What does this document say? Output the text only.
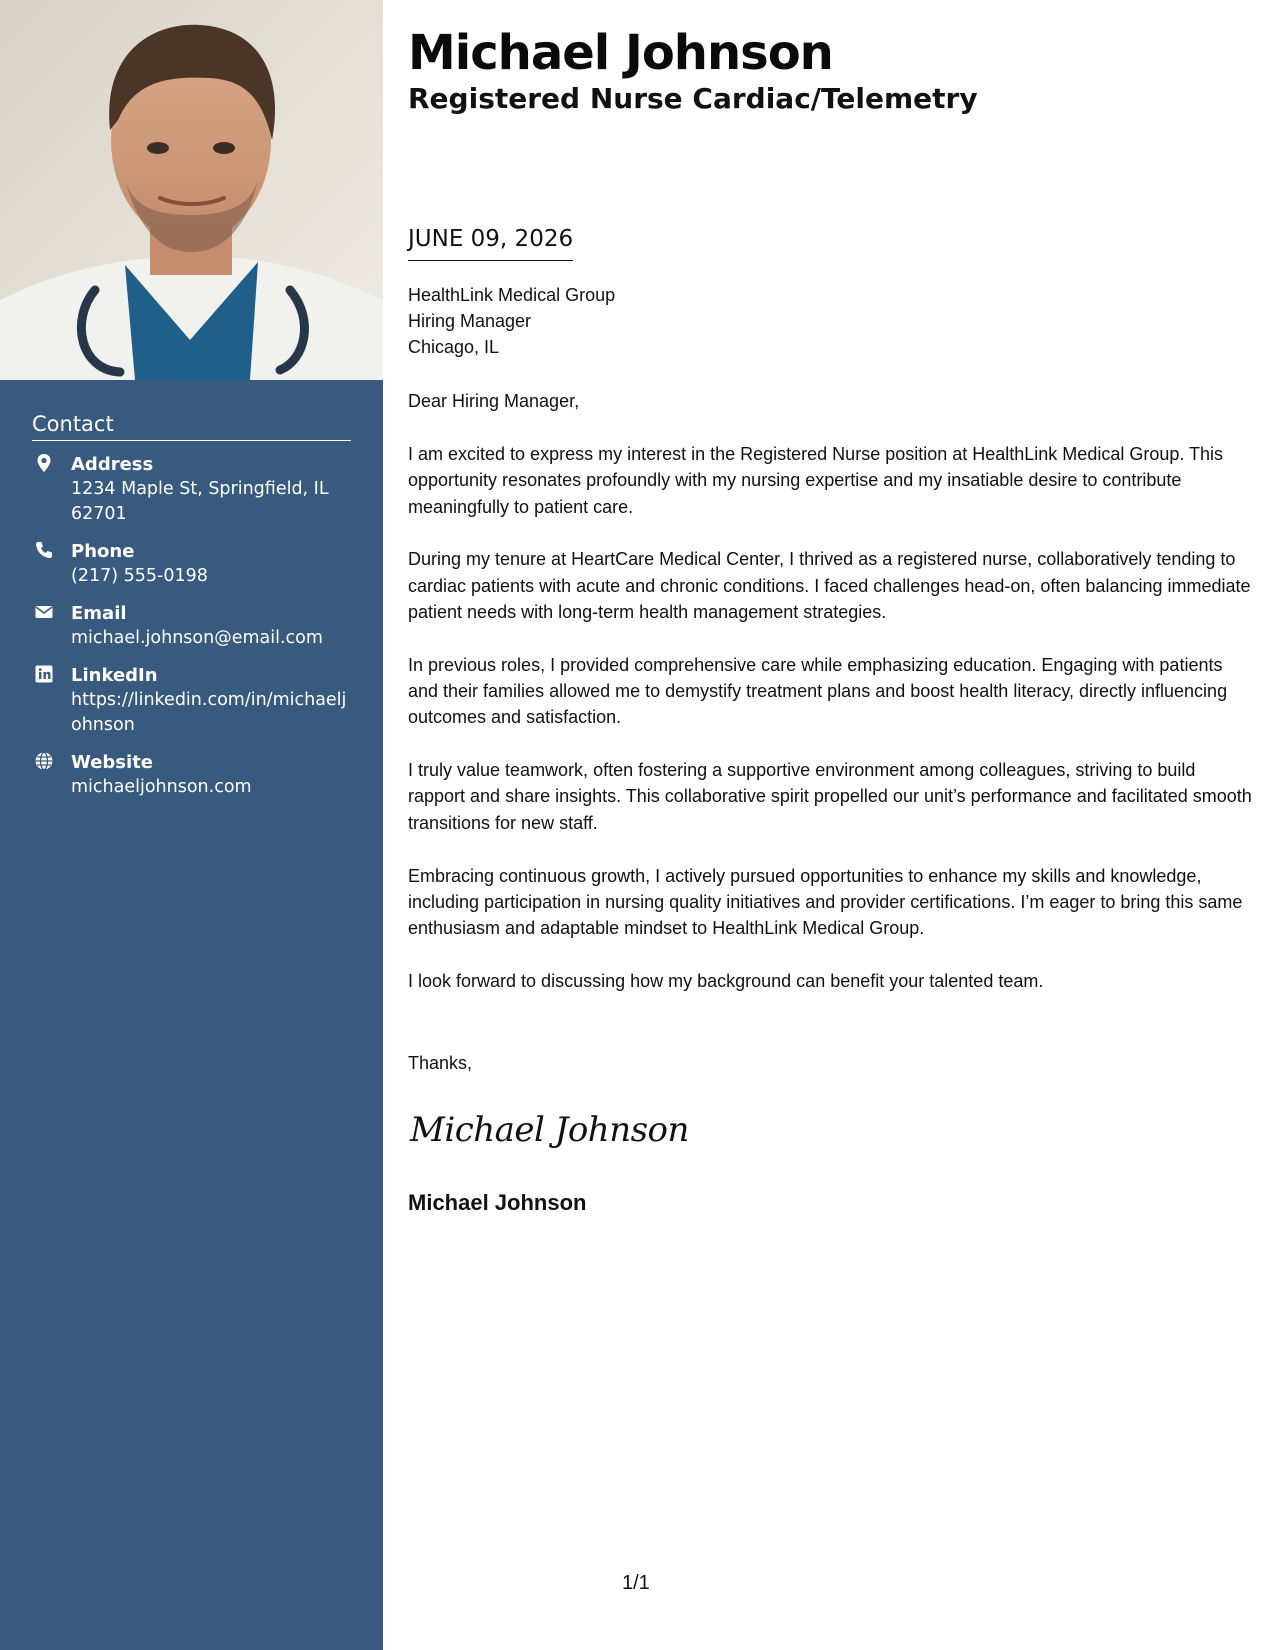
Contact
Address
1234 Maple St, Springfield, IL 62701
Phone
(217) 555-0198
Email
michael.johnson@email.com
LinkedIn
https://linkedin.com/in/michaeljohnson
Website
michaeljohnson.com
Michael Johnson
Registered Nurse Cardiac/Telemetry
JUNE 09, 2026
HealthLink Medical Group
Hiring Manager
Chicago, IL
Dear Hiring Manager,

I am excited to express my interest in the Registered Nurse position at HealthLink Medical Group. This opportunity resonates profoundly with my nursing expertise and my insatiable desire to contribute meaningfully to patient care.

During my tenure at HeartCare Medical Center, I thrived as a registered nurse, collaboratively tending to cardiac patients with acute and chronic conditions. I faced challenges head-on, often balancing immediate patient needs with long-term health management strategies.

In previous roles, I provided comprehensive care while emphasizing education. Engaging with patients and their families allowed me to demystify treatment plans and boost health literacy, directly influencing outcomes and satisfaction.

I truly value teamwork, often fostering a supportive environment among colleagues, striving to build rapport and share insights. This collaborative spirit propelled our unit’s performance and facilitated smooth transitions for new staff.

Embracing continuous growth, I actively pursued opportunities to enhance my skills and knowledge, including participation in nursing quality initiatives and provider certifications. I’m eager to bring this same enthusiasm and adaptable mindset to HealthLink Medical Group.

I look forward to discussing how my background can benefit your talented team.

Thanks,
Michael Johnson
Michael Johnson
1/1
